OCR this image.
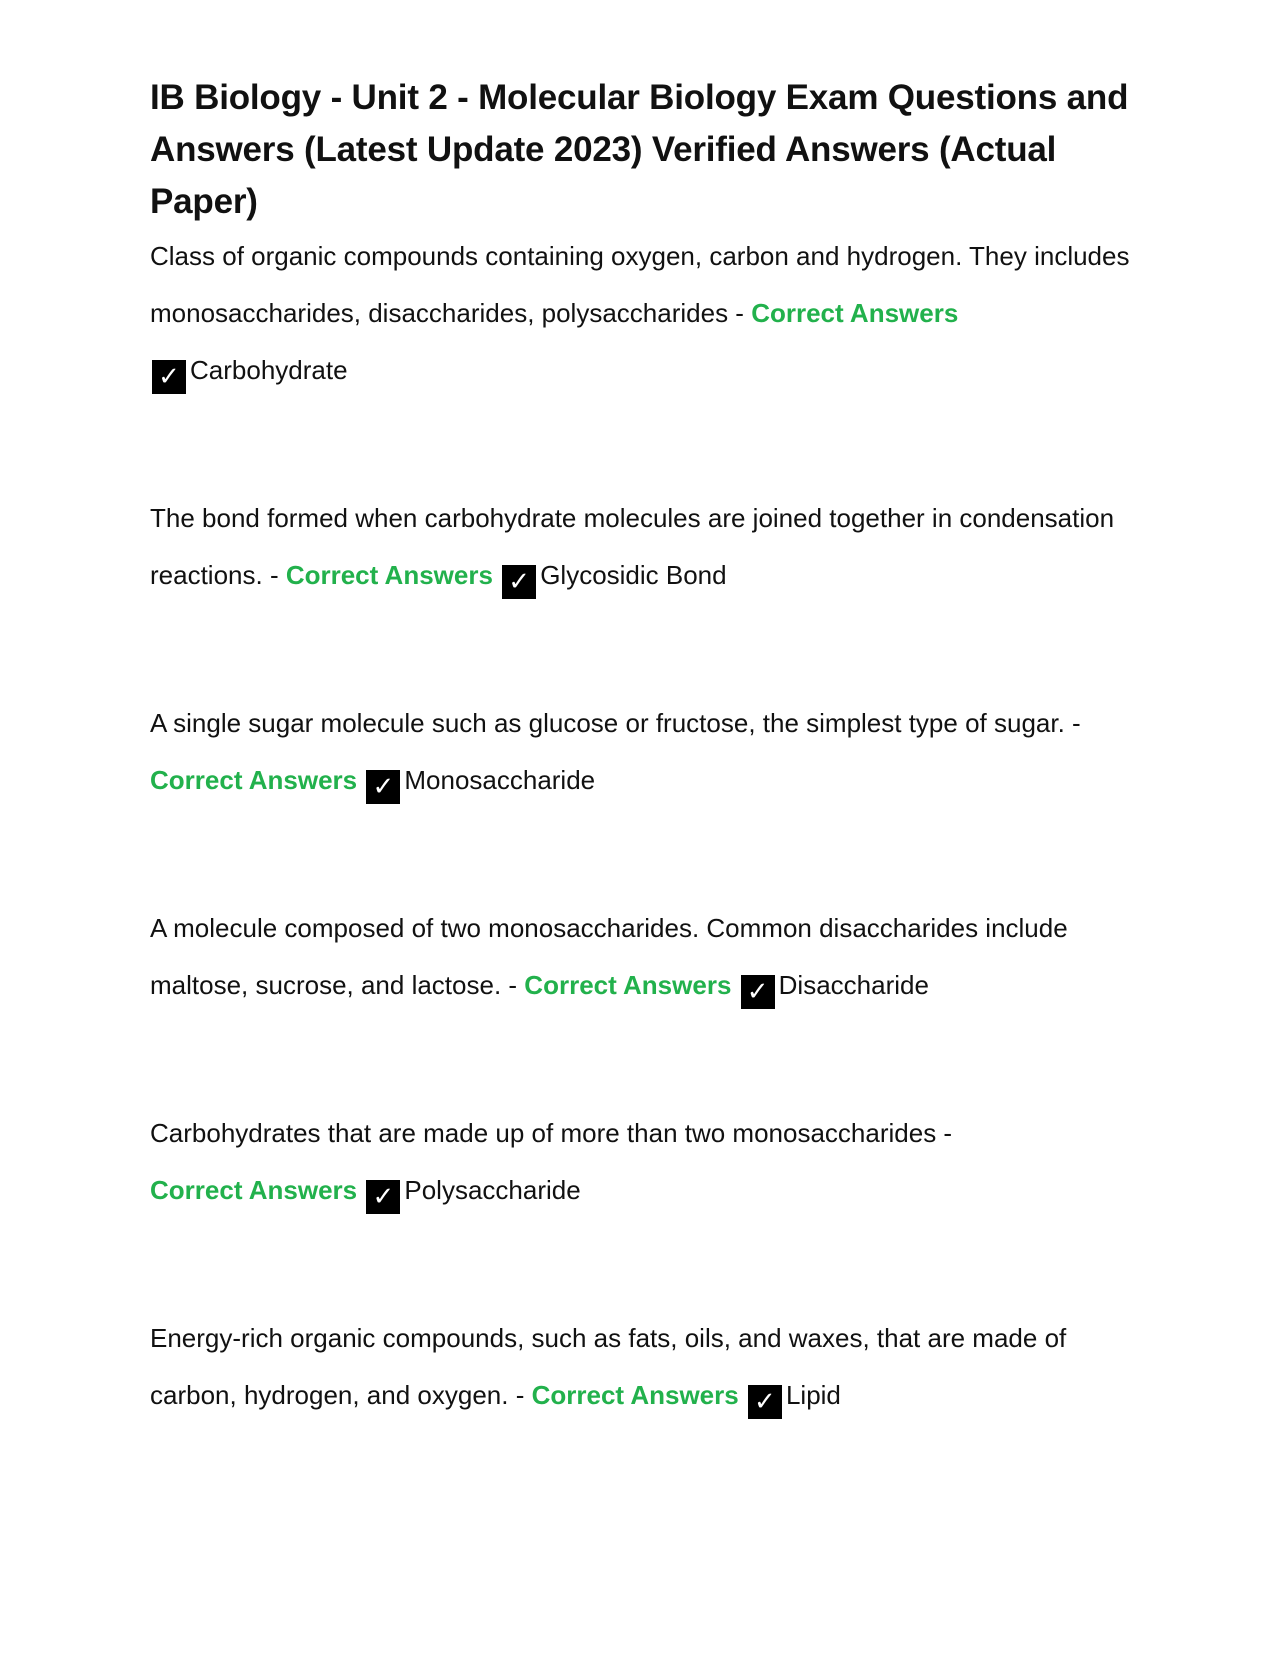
IB Biology - Unit 2 - Molecular Biology Exam Questions and Answers (Latest Update 2023) Verified Answers (Actual Paper)

Class of organic compounds containing oxygen, carbon and hydrogen. They includes monosaccharides, disaccharides, polysaccharides - Correct Answers
✓ Carbohydrate

The bond formed when carbohydrate molecules are joined together in condensation reactions. - Correct Answers ✓ Glycosidic Bond

A single sugar molecule such as glucose or fructose, the simplest type of sugar. - Correct Answers ✓ Monosaccharide

A molecule composed of two monosaccharides. Common disaccharides include maltose, sucrose, and lactose. - Correct Answers ✓ Disaccharide

Carbohydrates that are made up of more than two monosaccharides -
Correct Answers ✓ Polysaccharide

Energy-rich organic compounds, such as fats, oils, and waxes, that are made of carbon, hydrogen, and oxygen. - Correct Answers ✓ Lipid
